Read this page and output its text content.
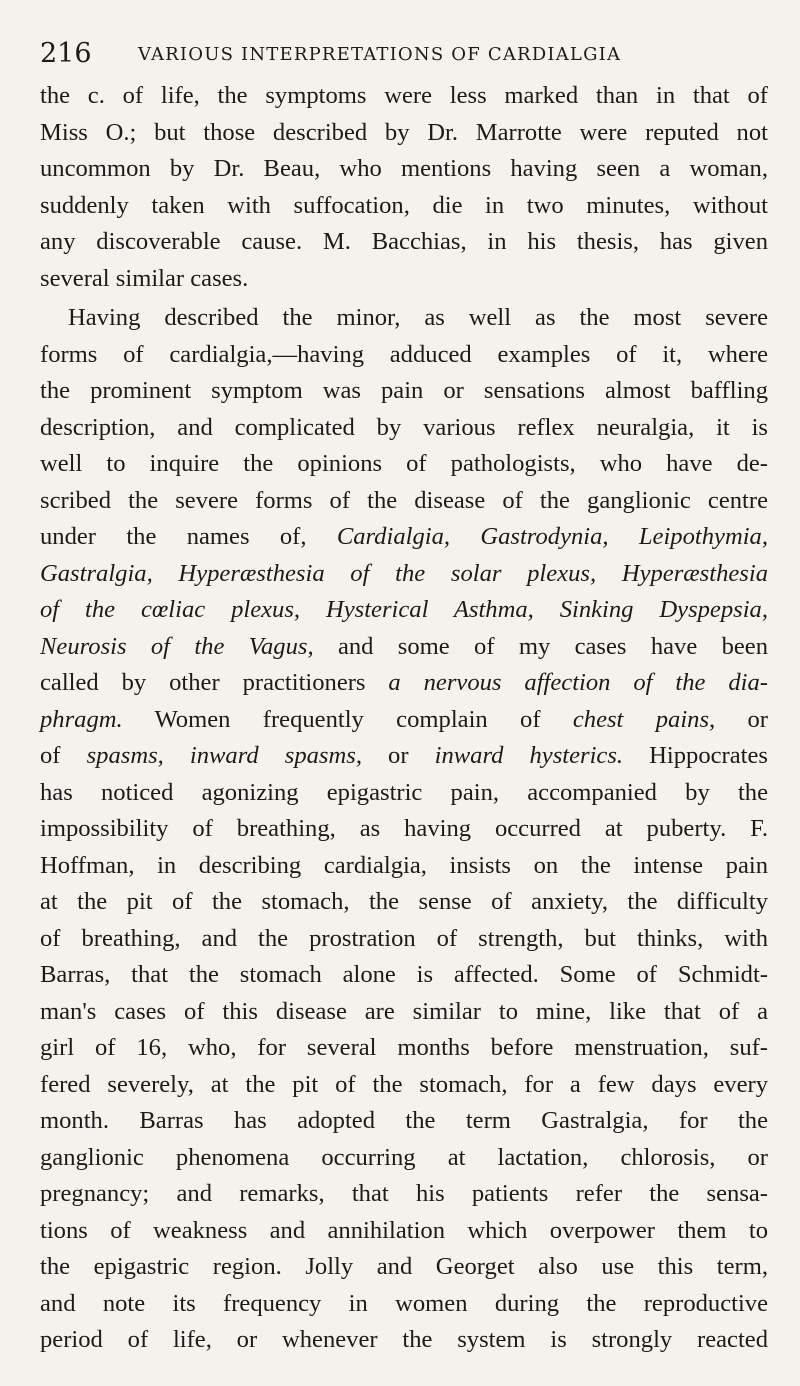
216	VARIOUS INTERPRETATIONS OF CARDIALGIA
the c. of life, the symptoms were less marked than in that of
Miss O.; but those described by Dr. Marrotte were reputed not
uncommon by Dr. Beau, who mentions having seen a woman,
suddenly taken with suffocation, die in two minutes, without
any discoverable cause. M. Bacchias, in his thesis, has given
several similar cases.
Having described the minor, as well as the most severe
forms of cardialgia,—having adduced examples of it, where
the prominent symptom was pain or sensations almost baffling
description, and complicated by various reflex neuralgia, it is
well to inquire the opinions of pathologists, who have de-
scribed the severe forms of the disease of the ganglionic centre
under the names of, Cardialgia, Gastrodynia, Leipothymia,
Gastralgia, Hyperæsthesia of the solar plexus, Hyperæsthesia
of the cœliac plexus, Hysterical Asthma, Sinking Dyspepsia,
Neurosis of the Vagus, and some of my cases have been
called by other practitioners a nervous affection of the dia-
phragm. Women frequently complain of chest pains, or
of spasms, inward spasms, or inward hysterics. Hippocrates
has noticed agonizing epigastric pain, accompanied by the
impossibility of breathing, as having occurred at puberty. F.
Hoffman, in describing cardialgia, insists on the intense pain
at the pit of the stomach, the sense of anxiety, the difficulty
of breathing, and the prostration of strength, but thinks, with
Barras, that the stomach alone is affected. Some of Schmidt-
man's cases of this disease are similar to mine, like that of a
girl of 16, who, for several months before menstruation, suf-
fered severely, at the pit of the stomach, for a few days every
month. Barras has adopted the term Gastralgia, for the
ganglionic phenomena occurring at lactation, chlorosis, or
pregnancy; and remarks, that his patients refer the sensa-
tions of weakness and annihilation which overpower them to
the epigastric region. Jolly and Georget also use this term,
and note its frequency in women during the reproductive
period of life, or whenever the system is strongly reacted
